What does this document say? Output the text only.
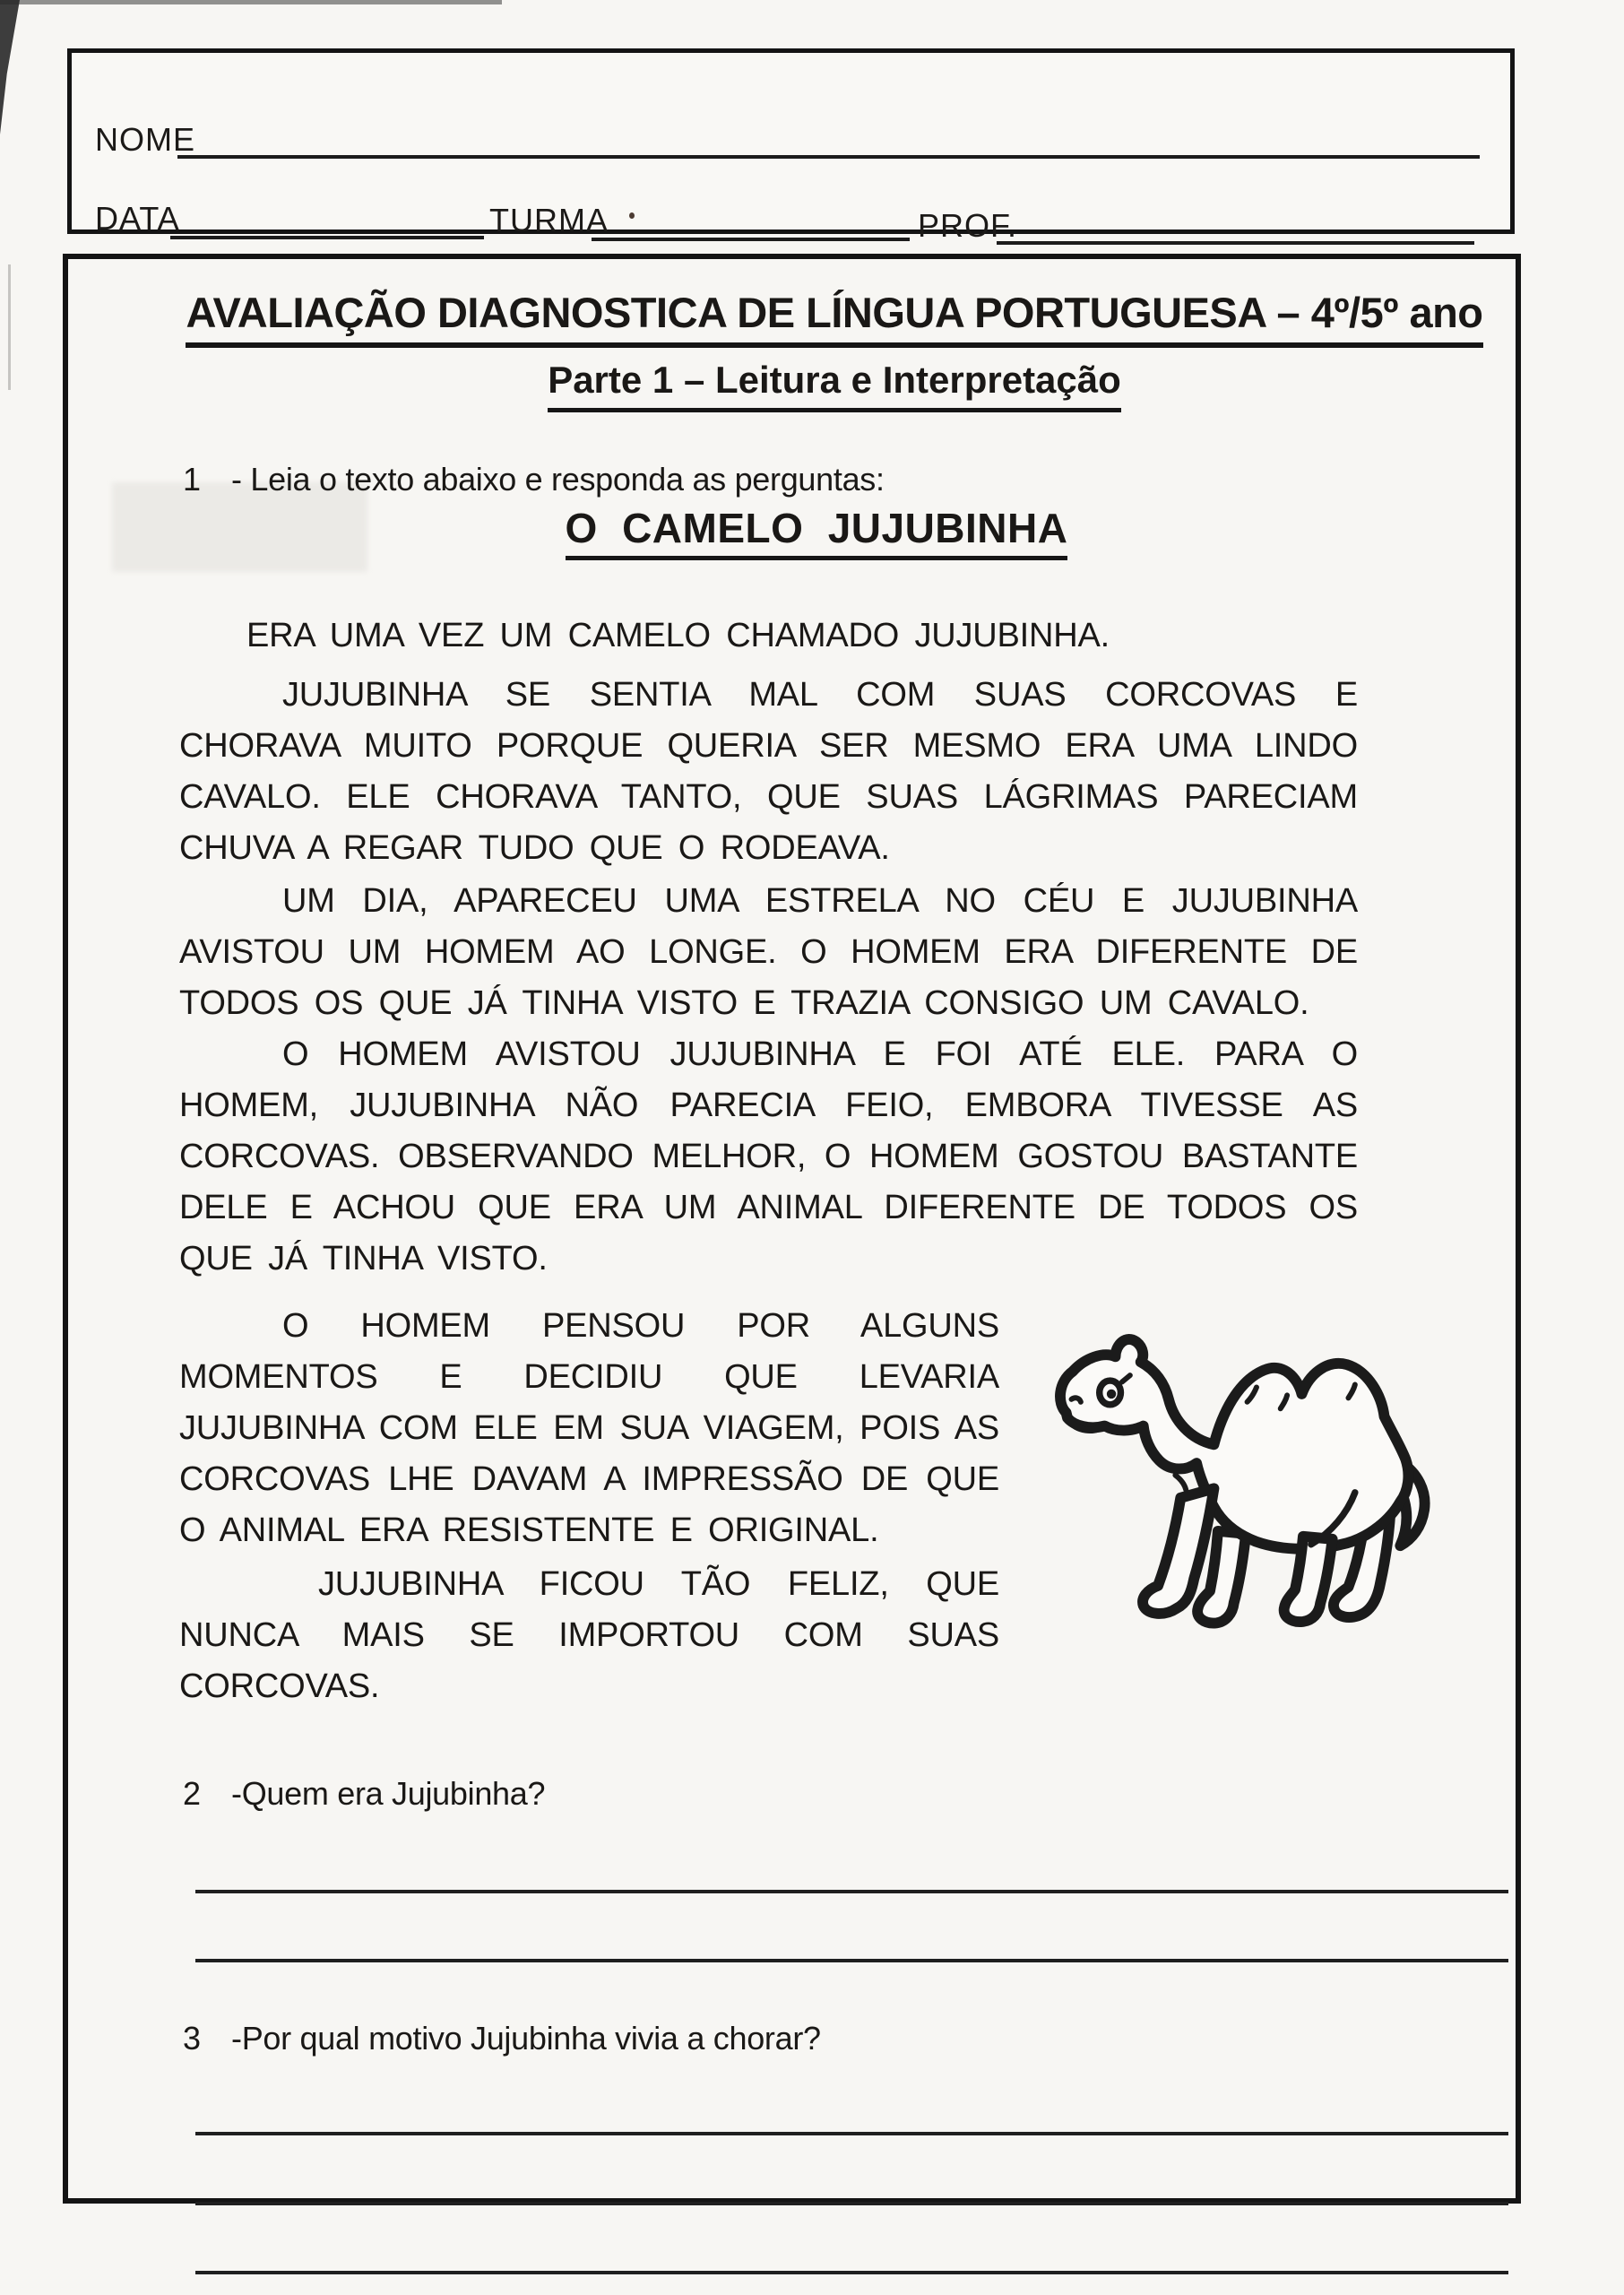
NOME
DATA	TURMA	PROF.
AVALIAÇÃO DIAGNOSTICA DE LÍNGUA PORTUGUESA – 4º/5º ano
Parte 1 – Leitura e Interpretação
1 - Leia o texto abaixo e responda as perguntas:
O CAMELO JUJUBINHA

ERA UMA VEZ UM CAMELO CHAMADO JUJUBINHA.

JUJUBINHA SE SENTIA MAL COM SUAS CORCOVAS E CHORAVA MUITO PORQUE QUERIA SER MESMO ERA UMA LINDO CAVALO. ELE CHORAVA TANTO, QUE SUAS LÁGRIMAS PARECIAM CHUVA A REGAR TUDO QUE O RODEAVA.

UM DIA, APARECEU UMA ESTRELA NO CÉU E JUJUBINHA AVISTOU UM HOMEM AO LONGE. O HOMEM ERA DIFERENTE DE TODOS OS QUE JÁ TINHA VISTO E TRAZIA CONSIGO UM CAVALO.

O HOMEM AVISTOU JUJUBINHA E FOI ATÉ ELE. PARA O HOMEM, JUJUBINHA NÃO PARECIA FEIO, EMBORA TIVESSE AS CORCOVAS. OBSERVANDO MELHOR, O HOMEM GOSTOU BASTANTE DELE E ACHOU QUE ERA UM ANIMAL DIFERENTE DE TODOS OS QUE JÁ TINHA VISTO.

O HOMEM PENSOU POR ALGUNS MOMENTOS E DECIDIU QUE LEVARIA JUJUBINHA COM ELE EM SUA VIAGEM, POIS AS CORCOVAS LHE DAVAM A IMPRESSÃO DE QUE O ANIMAL ERA RESISTENTE E ORIGINAL.

JUJUBINHA FICOU TÃO FELIZ, QUE NUNCA MAIS SE IMPORTOU COM SUAS CORCOVAS.

2 -Quem era Jujubinha?
3 -Por qual motivo Jujubinha vivia a chorar?
